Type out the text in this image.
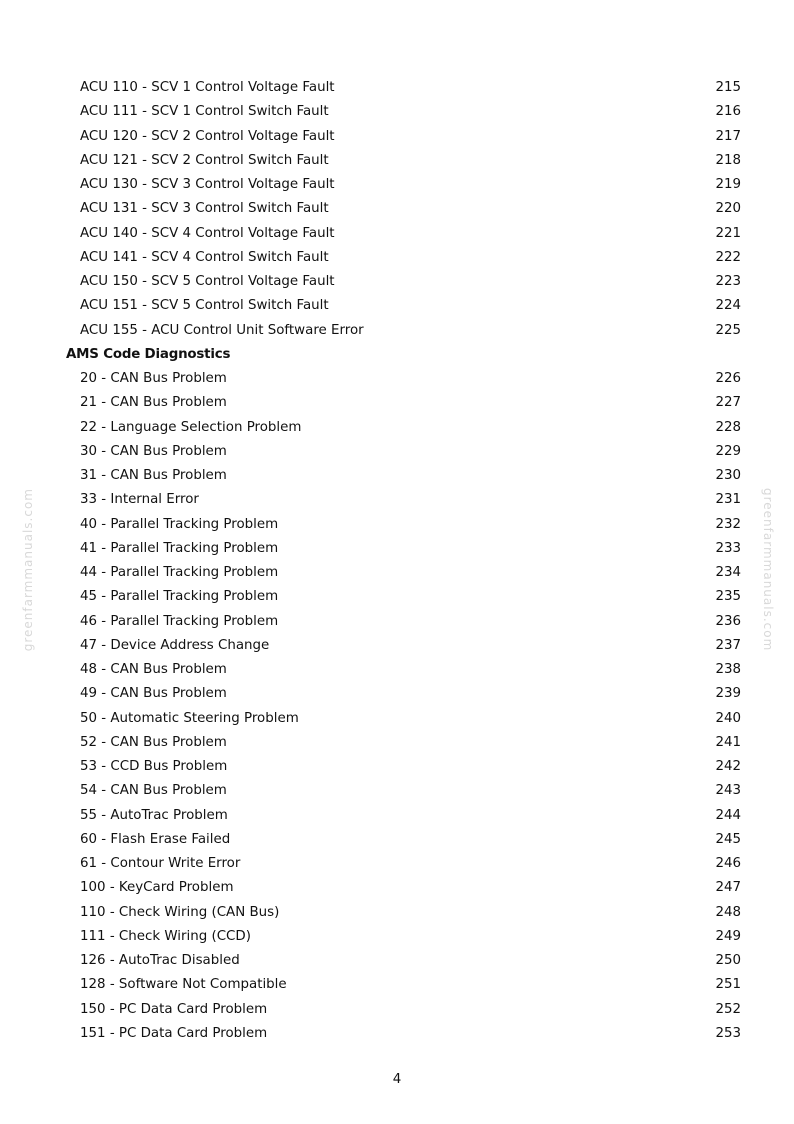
ACU 110 - SCV 1 Control Voltage Fault	215
ACU 111 - SCV 1 Control Switch Fault	216
ACU 120 - SCV 2 Control Voltage Fault	217
ACU 121 - SCV 2 Control Switch Fault	218
ACU 130 - SCV 3 Control Voltage Fault	219
ACU 131 - SCV 3 Control Switch Fault	220
ACU 140 - SCV 4 Control Voltage Fault	221
ACU 141 - SCV 4 Control Switch Fault	222
ACU 150 - SCV 5 Control Voltage Fault	223
ACU 151 - SCV 5 Control Switch Fault	224
ACU 155 - ACU Control Unit Software Error	225
AMS Code Diagnostics
20 - CAN Bus Problem	226
21 - CAN Bus Problem	227
22 - Language Selection Problem	228
30 - CAN Bus Problem	229
31 - CAN Bus Problem	230
33 - Internal Error	231
40 - Parallel Tracking Problem	232
41 - Parallel Tracking Problem	233
44 - Parallel Tracking Problem	234
45 - Parallel Tracking Problem	235
46 - Parallel Tracking Problem	236
47 - Device Address Change	237
48 - CAN Bus Problem	238
49 - CAN Bus Problem	239
50 - Automatic Steering Problem	240
52 - CAN Bus Problem	241
53 - CCD Bus Problem	242
54 - CAN Bus Problem	243
55 - AutoTrac Problem	244
60 - Flash Erase Failed	245
61 - Contour Write Error	246
100 - KeyCard Problem	247
110 - Check Wiring (CAN Bus)	248
111 - Check Wiring (CCD)	249
126 - AutoTrac Disabled	250
128 - Software Not Compatible	251
150 - PC Data Card Problem	252
151 - PC Data Card Problem	253
greenfarmmanuals.com	greenfarmmanuals.com
4
